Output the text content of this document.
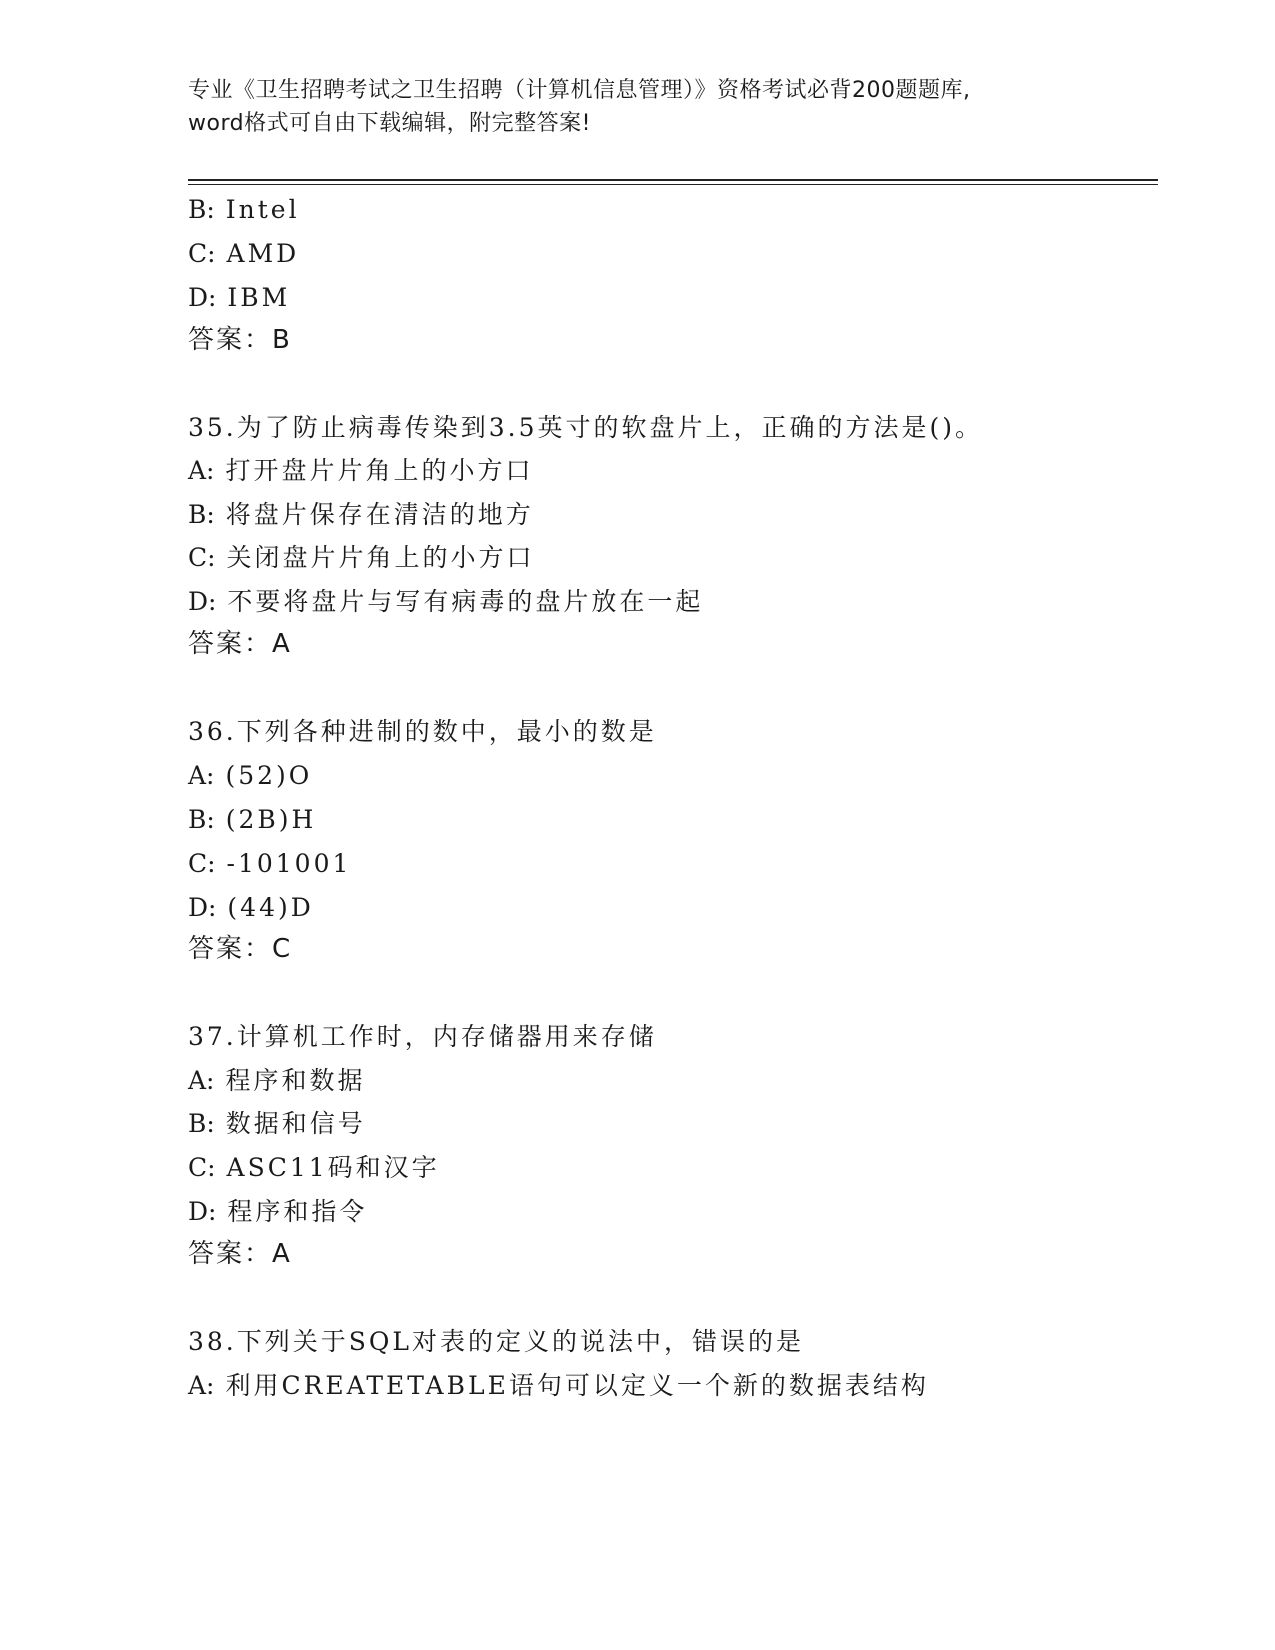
专业《卫生招聘考试之卫生招聘（计算机信息管理）》资格考试必背200题题库,
word格式可自由下载编辑，附完整答案!
B: Intel
C: AMD
D: IBM
答案：B
35.为了防止病毒传染到3.5英寸的软盘片上，正确的方法是()。
A: 打开盘片片角上的小方口
B: 将盘片保存在清洁的地方
C: 关闭盘片片角上的小方口
D: 不要将盘片与写有病毒的盘片放在一起
答案：A
36.下列各种进制的数中，最小的数是
A: (52)O
B: (2B)H
C: -101001
D: (44)D
答案：C
37.计算机工作时，内存储器用来存储
A: 程序和数据
B: 数据和信号
C: ASC11码和汉字
D: 程序和指令
答案：A
38.下列关于SQL对表的定义的说法中，错误的是
A: 利用CREATETABLE语句可以定义一个新的数据表结构
